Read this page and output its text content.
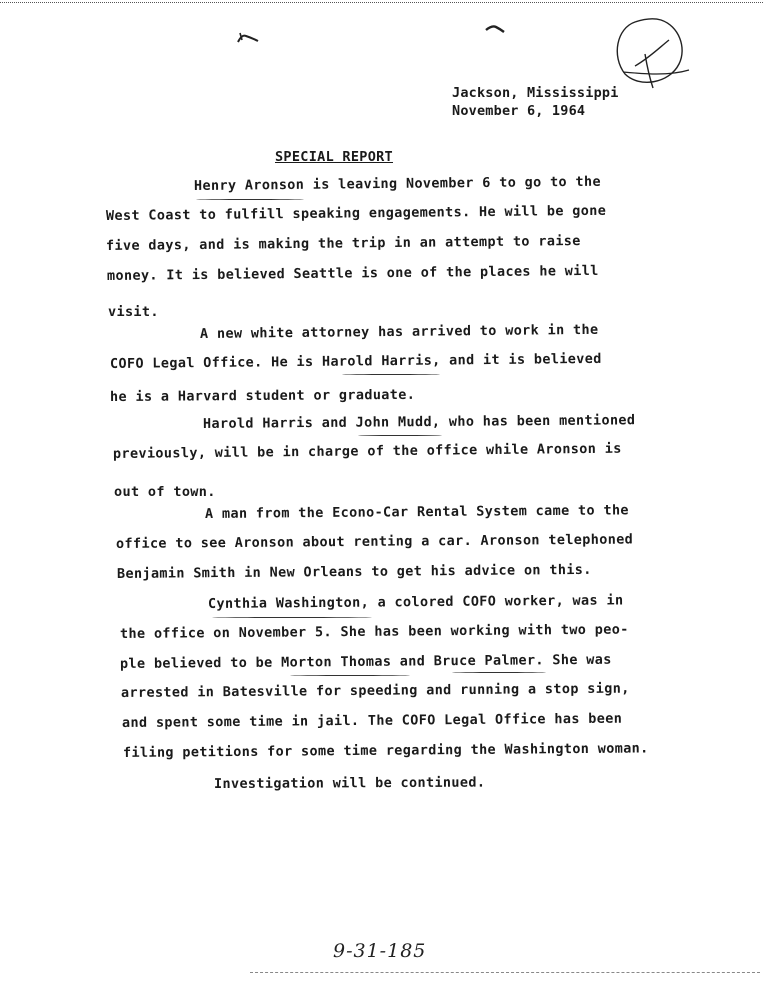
Jackson, Mississippi
November 6, 1964
SPECIAL REPORT
Henry Aronson is leaving November 6 to go to the
West Coast to fulfill speaking engagements. He will be gone
five days, and is making the trip in an attempt to raise
money. It is believed Seattle is one of the places he will
visit.
A new white attorney has arrived to work in the
COFO Legal Office. He is Harold Harris, and it is believed
he is a Harvard student or graduate.
Harold Harris and John Mudd, who has been mentioned
previously, will be in charge of the office while Aronson is
out of town.
A man from the Econo-Car Rental System came to the
office to see Aronson about renting a car. Aronson telephoned
Benjamin Smith in New Orleans to get his advice on this.
Cynthia Washington, a colored COFO worker, was in
the office on November 5. She has been working with two peo-
ple believed to be Morton Thomas and Bruce Palmer. She was
arrested in Batesville for speeding and running a stop sign,
and spent some time in jail. The COFO Legal Office has been
filing petitions for some time regarding the Washington woman.
Investigation will be continued.
9-31-185
